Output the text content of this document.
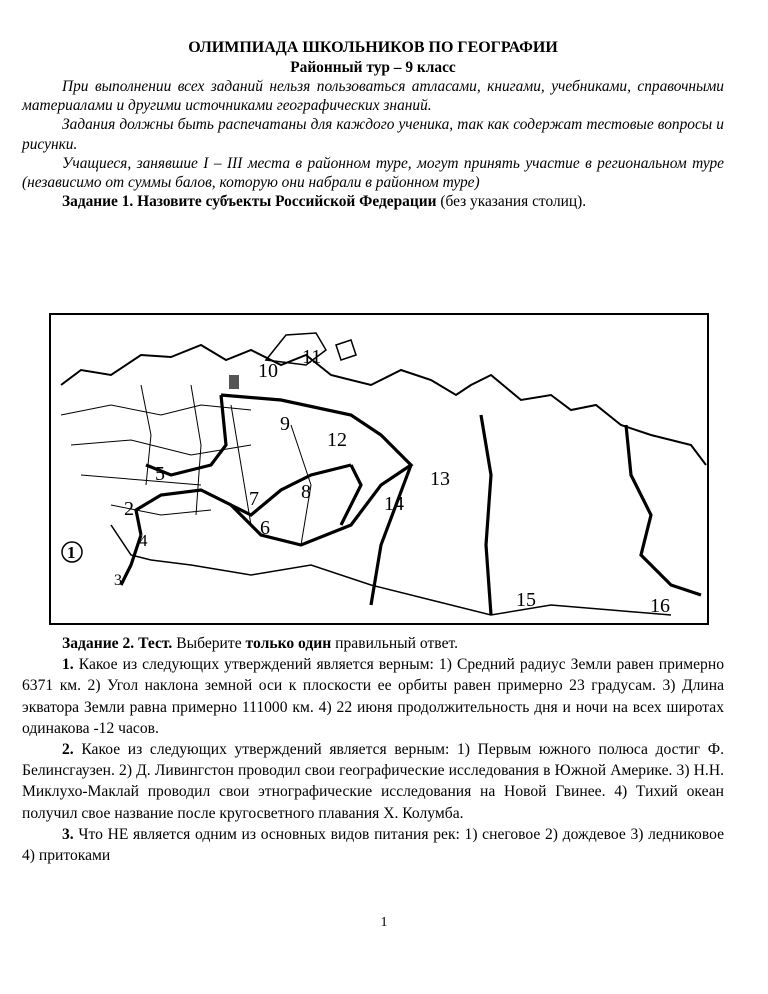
ОЛИМПИАДА ШКОЛЬНИКОВ ПО ГЕОГРАФИИ

Районный тур – 9 класс

При выполнении всех заданий нельзя пользоваться атласами, книгами, учебниками, справочными материалами и другими источниками географических знаний.

Задания должны быть распечатаны для каждого ученика, так как содержат тестовые вопросы и рисунки.

Учащиеся, занявшие I – III места в районном туре, могут принять участие в региональном туре (независимо от суммы балов, которую они набрали в районном туре)

Задание 1. Назовите субъекты Российской Федерации (без указания столиц).

1
2
3
4
5
6
7 8
9
10
11
12
13
14
15	16

Задание 2. Тест. Выберите только один правильный ответ.

1. Какое из следующих утверждений является верным: 1) Средний радиус Земли равен примерно 6371 км. 2) Угол наклона земной оси к плоскости ее орбиты равен примерно 23 градусам. 3) Длина экватора Земли равна примерно 111000 км. 4) 22 июня продолжительность дня и ночи на всех широтах одинакова -12 часов.

2. Какое из следующих утверждений является верным: 1) Первым южного полюса достиг Ф. Белинсгаузен. 2) Д. Ливингстон проводил свои географические исследования в Южной Америке. 3) Н.Н. Миклухо-Маклай проводил свои этнографические исследования на Новой Гвинее. 4) Тихий океан получил свое название после кругосветного плавания Х. Колумба.

3. Что НЕ является одним из основных видов питания рек: 1) снеговое 2) дождевое 3) ледниковое 4) притоками

1
